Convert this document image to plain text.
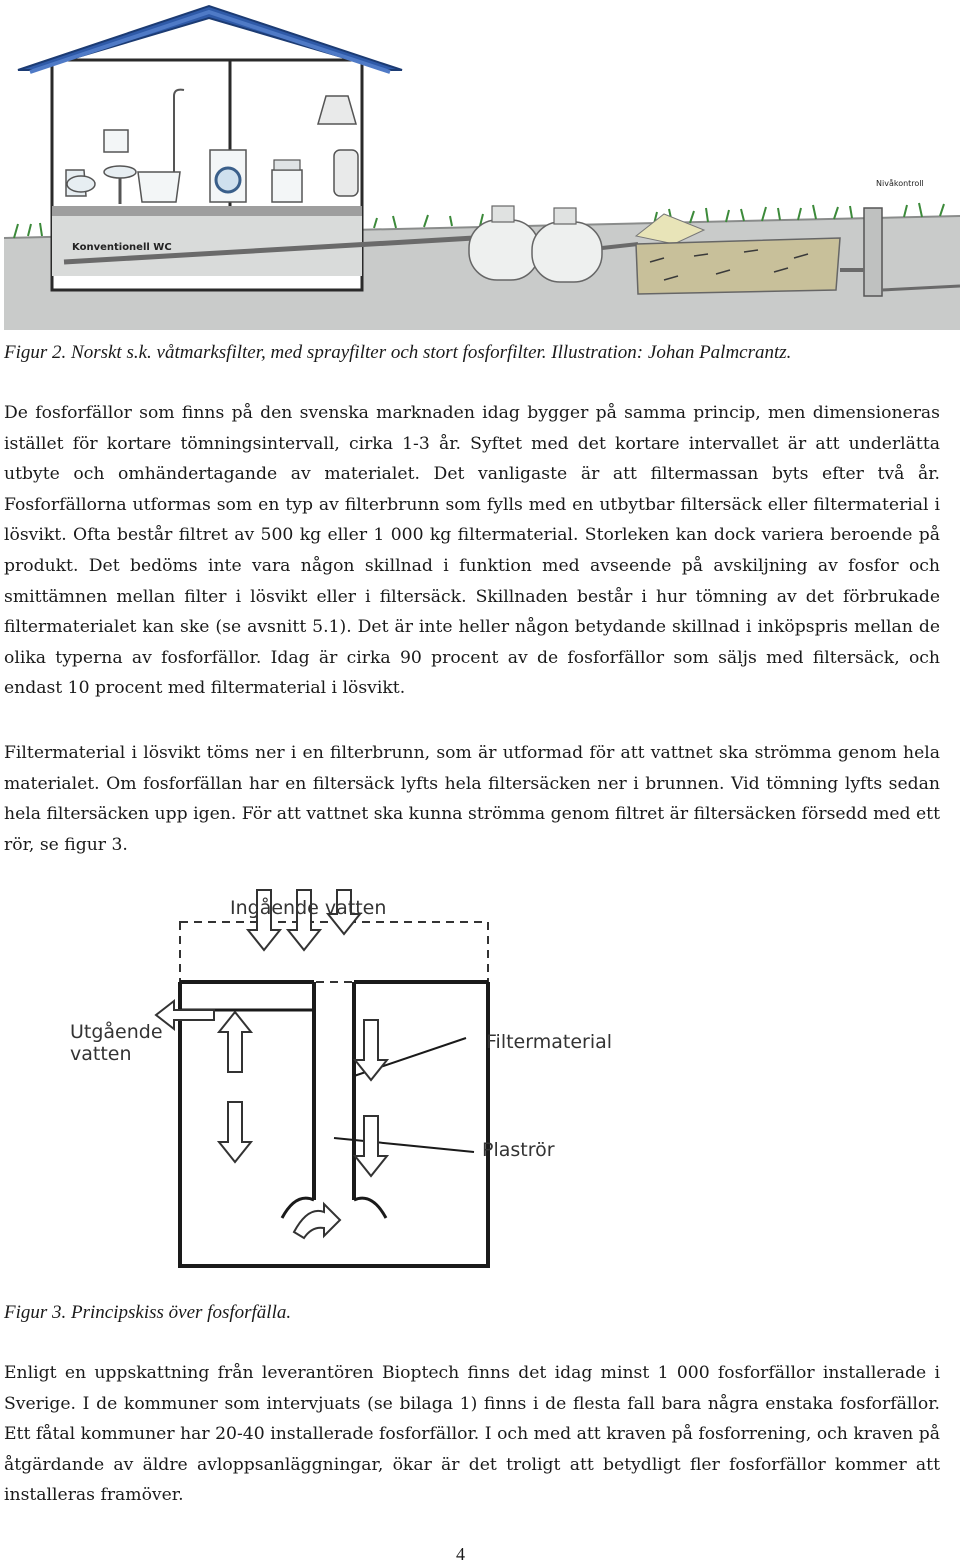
Konventionell WC
Nivåkontroll
Figur 2. Norskt s.k. våtmarksfilter, med sprayfilter och stort fosforfilter. Illustration: Johan Palmcrantz.

De fosforfällor som finns på den svenska marknaden idag bygger på samma princip, men dimensioneras istället för kortare tömningsintervall, cirka 1-3 år. Syftet med det kortare intervallet är att underlätta utbyte och omhändertagande av materialet. Det vanligaste är att filtermassan byts efter två år. Fosforfällorna utformas som en typ av filterbrunn som fylls med en utbytbar filtersäck eller filtermaterial i lösvikt. Ofta består filtret av 500 kg eller 1 000 kg filtermaterial. Storleken kan dock variera beroende på produkt. Det bedöms inte vara någon skillnad i funktion med avseende på avskiljning av fosfor och smittämnen mellan filter i lösvikt eller i filtersäck. Skillnaden består i hur tömning av det förbrukade filtermaterialet kan ske (se avsnitt 5.1). Det är inte heller någon betydande skillnad i inköpspris mellan de olika typerna av fosforfällor. Idag är cirka 90 procent av de fosforfällor som säljs med filtersäck, och endast 10 procent med filtermaterial i lösvikt.

Filtermaterial i lösvikt töms ner i en filterbrunn, som är utformad för att vattnet ska strömma genom hela materialet. Om fosforfällan har en filtersäck lyfts hela filtersäcken ner i brunnen. Vid tömning lyfts sedan hela filtersäcken upp igen. För att vattnet ska kunna strömma genom filtret är filtersäcken försedd med ett rör, se figur 3.

Ingående vatten
Utgående
vatten
Filtermaterial
Plaströr
Figur 3. Principskiss över fosforfälla.

Enligt en uppskattning från leverantören Bioptech finns det idag minst 1 000 fosforfällor installerade i Sverige. I de kommuner som intervjuats (se bilaga 1) finns i de flesta fall bara några enstaka fosforfällor. Ett fåtal kommuner har 20-40 installerade fosforfällor. I och med att kraven på fosforrening, och kraven på åtgärdande av äldre avloppsanläggningar, ökar är det troligt att betydligt fler fosforfällor kommer att installeras framöver.

4
